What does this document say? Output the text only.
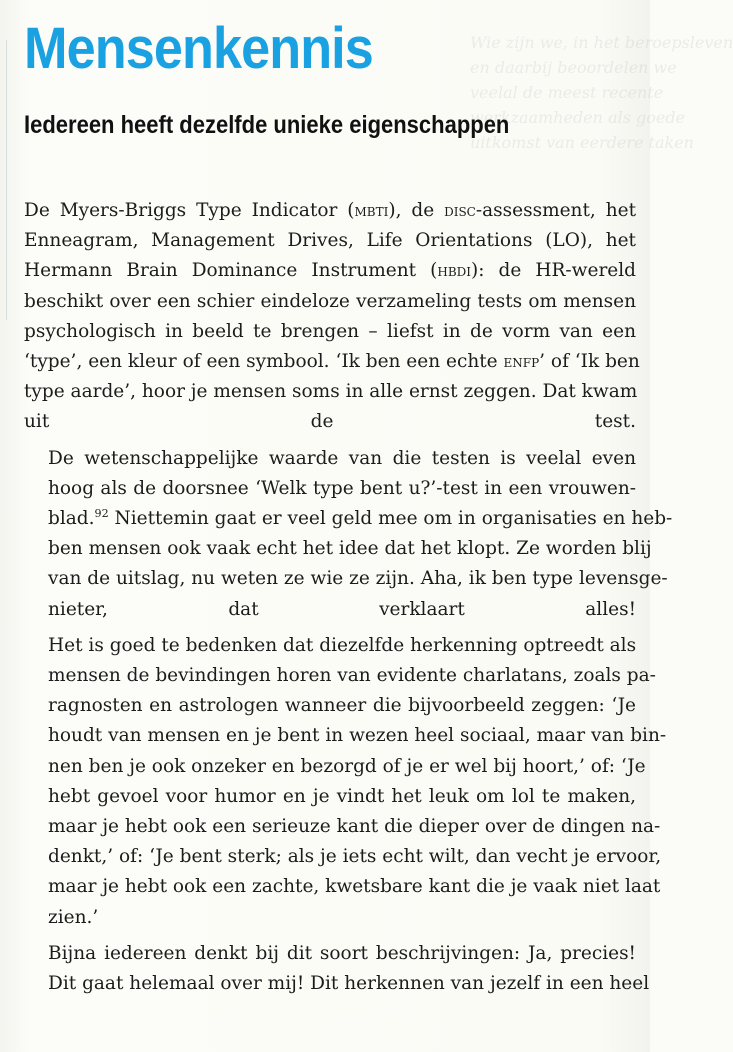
Wie zijn we, in het beroepsleven
en daarbij beoordelen we
veelal de meest recente
werkzaamheden als goede
uitkomst van eerdere taken
Mensenkennis
Iedereen heeft dezelfde unieke eigenschappen

De Myers-Briggs Type Indicator (mbti), de disc-assessment, het
Enneagram, Management Drives, Life Orientations (LO), het
Hermann Brain Dominance Instrument (hbdi): de HR-wereld
beschikt over een schier eindeloze verzameling tests om mensen
psychologisch in beeld te brengen – liefst in de vorm van een
‘type’, een kleur of een symbool. ‘Ik ben een echte enfp’ of ‘Ik ben
type aarde’, hoor je mensen soms in alle ernst zeggen. Dat kwam
uit de test.

De wetenschappelijke waarde van die testen is veelal even
hoog als de doorsnee ‘Welk type bent u?’-test in een vrouwen-
blad.$^{92}$ Niettemin gaat er veel geld mee om in organisaties en heb-
ben mensen ook vaak echt het idee dat het klopt. Ze worden blij
van de uitslag, nu weten ze wie ze zijn. Aha, ik ben type levensge-
nieter, dat verklaart alles!

Het is goed te bedenken dat diezelfde herkenning optreedt als
mensen de bevindingen horen van evidente charlatans, zoals pa-
ragnosten en astrologen wanneer die bijvoorbeeld zeggen: ‘Je
houdt van mensen en je bent in wezen heel sociaal, maar van bin-
nen ben je ook onzeker en bezorgd of je er wel bij hoort,’ of: ‘Je
hebt gevoel voor humor en je vindt het leuk om lol te maken,
maar je hebt ook een serieuze kant die dieper over de dingen na-
denkt,’ of: ‘Je bent sterk; als je iets echt wilt, dan vecht je ervoor,
maar je hebt ook een zachte, kwetsbare kant die je vaak niet laat
zien.’

Bijna iedereen denkt bij dit soort beschrijvingen: Ja, precies!
Dit gaat helemaal over mij! Dit herkennen van jezelf in een heel
